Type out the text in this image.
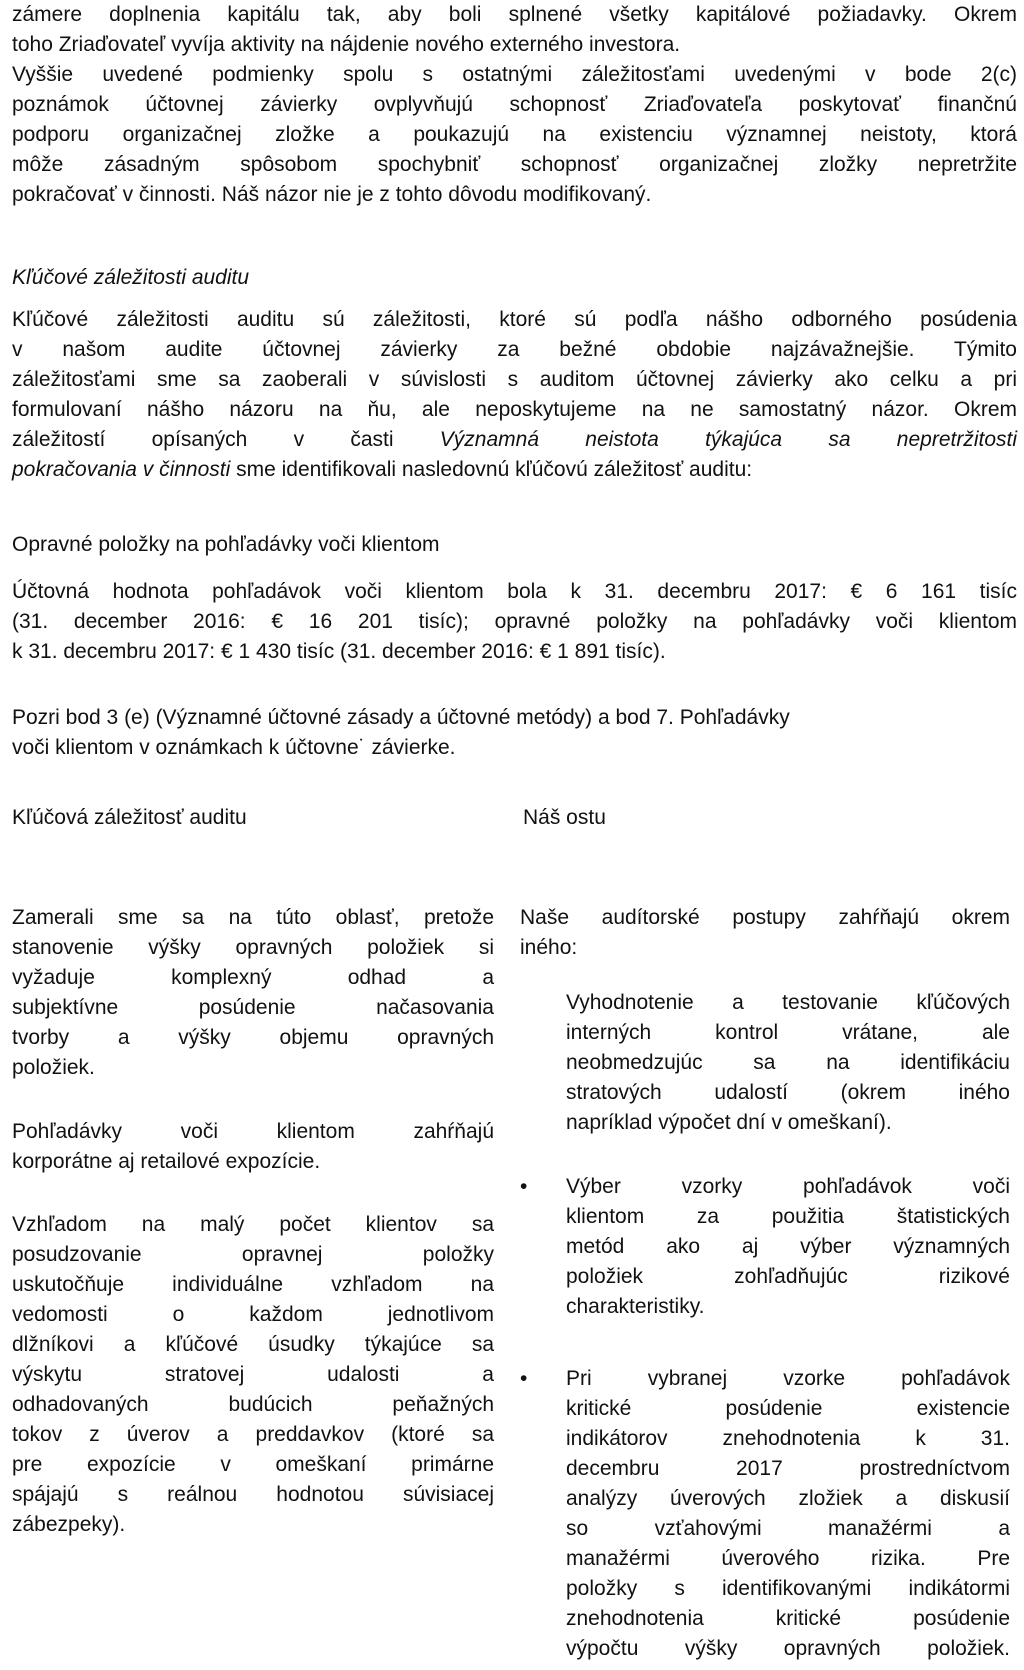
zámere doplnenia kapitálu tak, aby boli splnené všetky kapitálové požiadavky. Okrem
toho Zriaďovateľ vyvíja aktivity na nájdenie nového externého investora.
Vyššie uvedené podmienky spolu s ostatnými záležitosťami uvedenými v bode 2(c)
poznámok účtovnej závierky ovplyvňujú schopnosť Zriaďovateľa poskytovať finančnú
podporu organizačnej zložke a poukazujú na existenciu významnej neistoty, ktorá
môže zásadným spôsobom spochybniť schopnosť organizačnej zložky nepretržite
pokračovať v činnosti. Náš názor nie je z tohto dôvodu modifikovaný.
Kľúčové záležitosti auditu
Kľúčové záležitosti auditu sú záležitosti, ktoré sú podľa nášho odborného posúdenia
v našom audite účtovnej závierky za bežné obdobie najzávažnejšie. Týmito
záležitosťami sme sa zaoberali v súvislosti s auditom účtovnej závierky ako celku a pri
formulovaní nášho názoru na ňu, ale neposkytujeme na ne samostatný názor. Okrem
záležitostí opísaných v časti Významná neistota týkajúca sa nepretržitosti
pokračovania v činnosti sme identifikovali nasledovnú kľúčovú záležitosť auditu:
Opravné položky na pohľadávky voči klientom
Účtovná hodnota pohľadávok voči klientom bola k 31. decembru 2017: € 6 161 tisíc
(31. december 2016: € 16 201 tisíc); opravné položky na pohľadávky voči klientom
k 31. decembru 2017: € 1 430 tisíc (31. december 2016: € 1 891 tisíc).
Pozri bod 3 (e) (Významné účtovné zásady a účtovné metódy) a bod 7. Pohľadávky
voči klientom v oznámkach k účtovne˙ závierke.
Kľúčová záležitosť auditu	Náš ostu
Zamerali sme sa na túto oblasť, pretože
stanovenie výšky opravných položiek si
vyžaduje komplexný odhad a
subjektívne posúdenie načasovania
tvorby a výšky objemu opravných
položiek.
Pohľadávky voči klientom zahŕňajú
korporátne aj retailové expozície.
Vzhľadom na malý počet klientov sa
posudzovanie opravnej položky
uskutočňuje individuálne vzhľadom na
vedomosti o každom jednotlivom
dlžníkovi a kľúčové úsudky týkajúce sa
výskytu stratovej udalosti a
odhadovaných budúcich peňažných
tokov z úverov a preddavkov (ktoré sa
pre expozície v omeškaní primárne
spájajú s reálnou hodnotou súvisiacej
zábezpeky).
Naše audítorské postupy zahŕňajú okrem
iného:
Vyhodnotenie a testovanie kľúčových
interných kontrol vrátane, ale
neobmedzujúc sa na identifikáciu
stratových udalostí (okrem iného
napríklad výpočet dní v omeškaní).
•	Výber vzorky pohľadávok voči
klientom za použitia štatistických
metód ako aj výber významných
položiek zohľadňujúc rizikové
charakteristiky.
•	Pri vybranej vzorke pohľadávok
kritické posúdenie existencie
indikátorov znehodnotenia k 31.
decembru 2017 prostredníctvom
analýzy úverových zložiek a diskusií
so vzťahovými manažérmi a
manažérmi úverového rizika. Pre
položky s identifikovanými indikátormi
znehodnotenia kritické posúdenie
výpočtu výšky opravných položiek.
